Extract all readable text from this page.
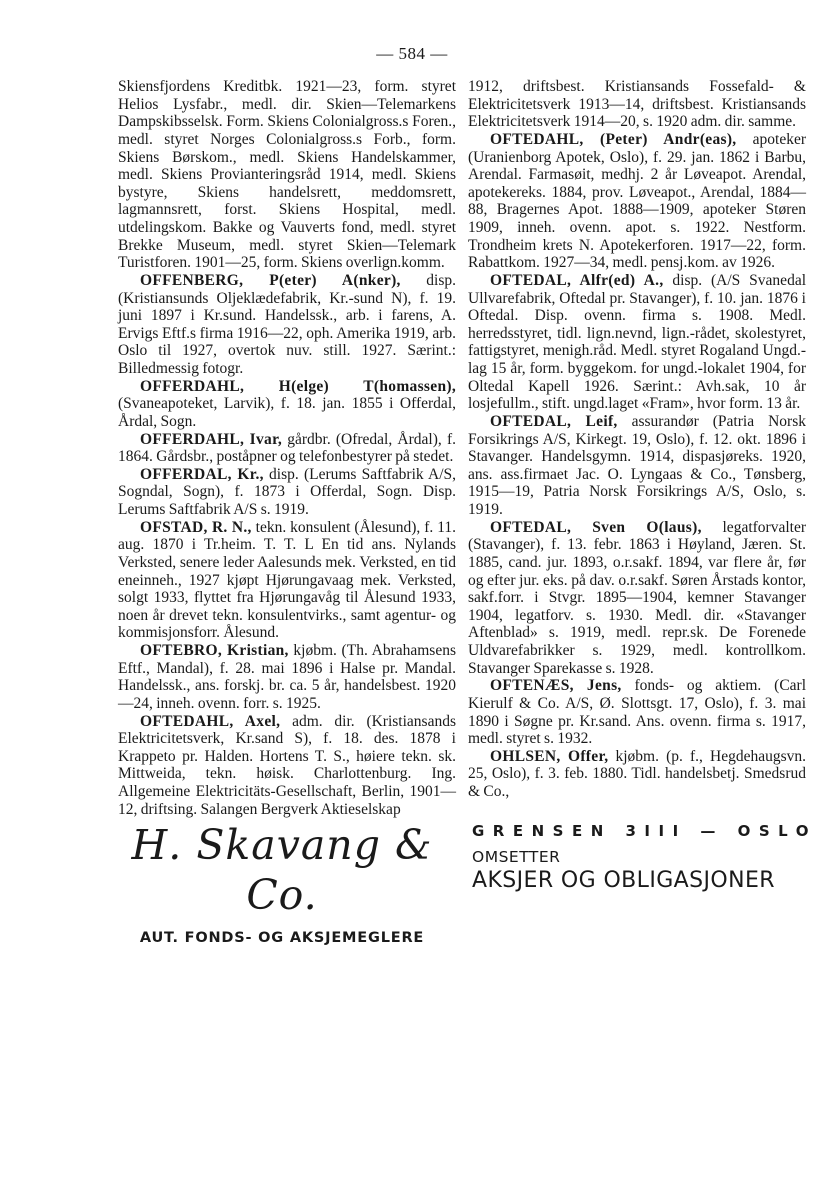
— 584 —

Skiensfjordens Kreditbk. 1921—23, form. styret Helios Lysfabr., medl. dir. Skien—Telemarkens Dampskibsselsk. Form. Skiens Colonialgross.s Foren., medl. styret Norges Colonialgross.s Forb., form. Skiens Børskom., medl. Skiens Handelskammer, medl. Skiens Provianteringsråd 1914, medl. Skiens bystyre, Skiens handelsrett, meddomsrett, lagmannsrett, forst. Skiens Hospital, medl. utdelingskom. Bakke og Vauverts fond, medl. styret Brekke Museum, medl. styret Skien—Telemark Turistforen. 1901—25, form. Skiens overlign.komm.

OFFENBERG, P(eter) A(nker), disp. (Kristiansunds Oljeklædefabrik, Kr.-sund N), f. 19. juni 1897 i Kr.sund. Handelssk., arb. i farens, A. Ervigs Eftf.s firma 1916—22, oph. Amerika 1919, arb. Oslo til 1927, overtok nuv. still. 1927. Særint.: Billedmessig fotogr.

OFFERDAHL, H(elge) T(homassen), (Svaneapoteket, Larvik), f. 18. jan. 1855 i Offerdal, Årdal, Sogn.

OFFERDAHL, Ivar, gårdbr. (Ofredal, Årdal), f. 1864. Gårdsbr., poståpner og telefonbestyrer på stedet.

OFFERDAL, Kr., disp. (Lerums Saftfabrik A/S, Sogndal, Sogn), f. 1873 i Offerdal, Sogn. Disp. Lerums Saftfabrik A/S s. 1919.

OFSTAD, R. N., tekn. konsulent (Ålesund), f. 11. aug. 1870 i Tr.heim. T. T. L En tid ans. Nylands Verksted, senere leder Aalesunds mek. Verksted, en tid eneinneh., 1927 kjøpt Hjørungavaag mek. Verksted, solgt 1933, flyttet fra Hjørungavåg til Ålesund 1933, noen år drevet tekn. konsulentvirks., samt agentur- og kommisjonsforr. Ålesund.

OFTEBRO, Kristian, kjøbm. (Th. Abrahamsens Eftf., Mandal), f. 28. mai 1896 i Halse pr. Mandal. Handelssk., ans. forskj. br. ca. 5 år, handelsbest. 1920—24, inneh. ovenn. forr. s. 1925.

OFTEDAHL, Axel, adm. dir. (Kristiansands Elektricitetsverk, Kr.sand S), f. 18. des. 1878 i Krappeto pr. Halden. Hortens T. S., høiere tekn. sk. Mittweida, tekn. høisk. Charlottenburg. Ing. Allgemeine Elektricitäts-Gesellschaft, Berlin, 1901—12, driftsing. Salangen Bergverk Aktieselskap

1912, driftsbest. Kristiansands Fossefald- & Elektricitetsverk 1913—14, driftsbest. Kristiansands Elektricitetsverk 1914—20, s. 1920 adm. dir. samme.

OFTEDAHL, (Peter) Andr(eas), apoteker (Uranienborg Apotek, Oslo), f. 29. jan. 1862 i Barbu, Arendal. Farmasøit, medhj. 2 år Løveapot. Arendal, apotekereks. 1884, prov. Løveapot., Arendal, 1884—88, Bragernes Apot. 1888—1909, apoteker Støren 1909, inneh. ovenn. apot. s. 1922. Nestform. Trondheim krets N. Apotekerforen. 1917—22, form. Rabattkom. 1927—34, medl. pensj.kom. av 1926.

OFTEDAL, Alfr(ed) A., disp. (A/S Svanedal Ullvarefabrik, Oftedal pr. Stavanger), f. 10. jan. 1876 i Oftedal. Disp. ovenn. firma s. 1908. Medl. herredsstyret, tidl. lign.nevnd, lign.-rådet, skolestyret, fattigstyret, menigh.råd. Medl. styret Rogaland Ungd.-lag 15 år, form. byggekom. for ungd.-lokalet 1904, for Oltedal Kapell 1926. Særint.: Avh.sak, 10 år losjefullm., stift. ungd.laget «Fram», hvor form. 13 år.

OFTEDAL, Leif, assurandør (Patria Norsk Forsikrings A/S, Kirkegt. 19, Oslo), f. 12. okt. 1896 i Stavanger. Handelsgymn. 1914, dispasjøreks. 1920, ans. ass.firmaet Jac. O. Lyngaas & Co., Tønsberg, 1915—19, Patria Norsk Forsikrings A/S, Oslo, s. 1919.

OFTEDAL, Sven O(laus), legatforvalter (Stavanger), f. 13. febr. 1863 i Høyland, Jæren. St. 1885, cand. jur. 1893, o.r.sakf. 1894, var flere år, før og efter jur. eks. på dav. o.r.sakf. Søren Årstads kontor, sakf.forr. i Stvgr. 1895—1904, kemner Stavanger 1904, legatforv. s. 1930. Medl. dir. «Stavanger Aftenblad» s. 1919, medl. repr.sk. De Forenede Uldvarefabrikker s. 1929, medl. kontrollkom. Stavanger Sparekasse s. 1928.

OFTENÆS, Jens, fonds- og aktiem. (Carl Kierulf & Co. A/S, Ø. Slottsgt. 17, Oslo), f. 3. mai 1890 i Søgne pr. Kr.sand. Ans. ovenn. firma s. 1917, medl. styret s. 1932.

OHLSEN, Offer, kjøbm. (p. f., Hegdehaugsvn. 25, Oslo), f. 3. feb. 1880. Tidl. handelsbetj. Smedsrud & Co.,

H. Skavang & Co.
AUT. FONDS- OG AKSJEMEGLERE
GRENSEN 3III — OSLO
OMSETTER
AKSJER OG OBLIGASJONER
